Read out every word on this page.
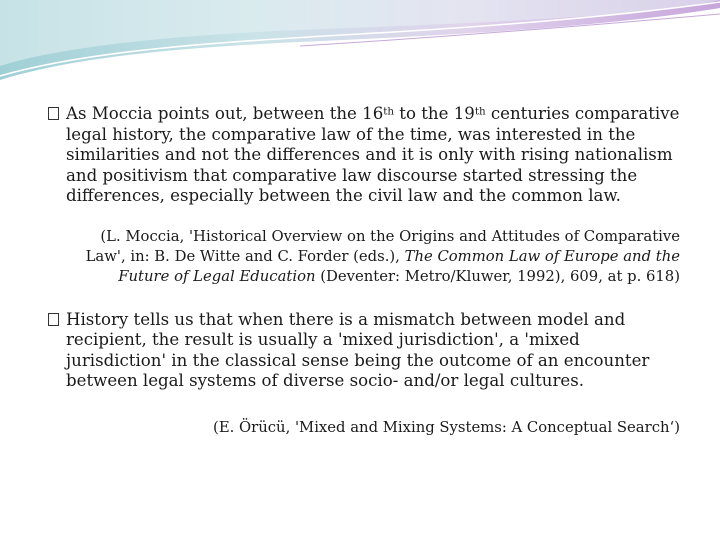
As Moccia points out, between the 16th to the 19th centuries comparative legal history, the comparative law of the time, was interested in the similarities and not the differences and it is only with rising nationalism and positivism that comparative law discourse started stressing the differences, especially between the civil law and the common law.
(L. Moccia, 'Historical Overview on the Origins and Attitudes of Comparative Law', in: B. De Witte and C. Forder (eds.), The Common Law of Europe and the Future of Legal Education (Deventer: Metro/Kluwer, 1992), 609, at p. 618)
History tells us that when there is a mismatch between model and recipient, the result is usually a 'mixed jurisdiction', a 'mixed jurisdiction' in the classical sense being the outcome of an encounter between legal systems of diverse socio- and/or legal cultures.
(E. Örücü, 'Mixed and Mixing Systems: A Conceptual Search‘)
